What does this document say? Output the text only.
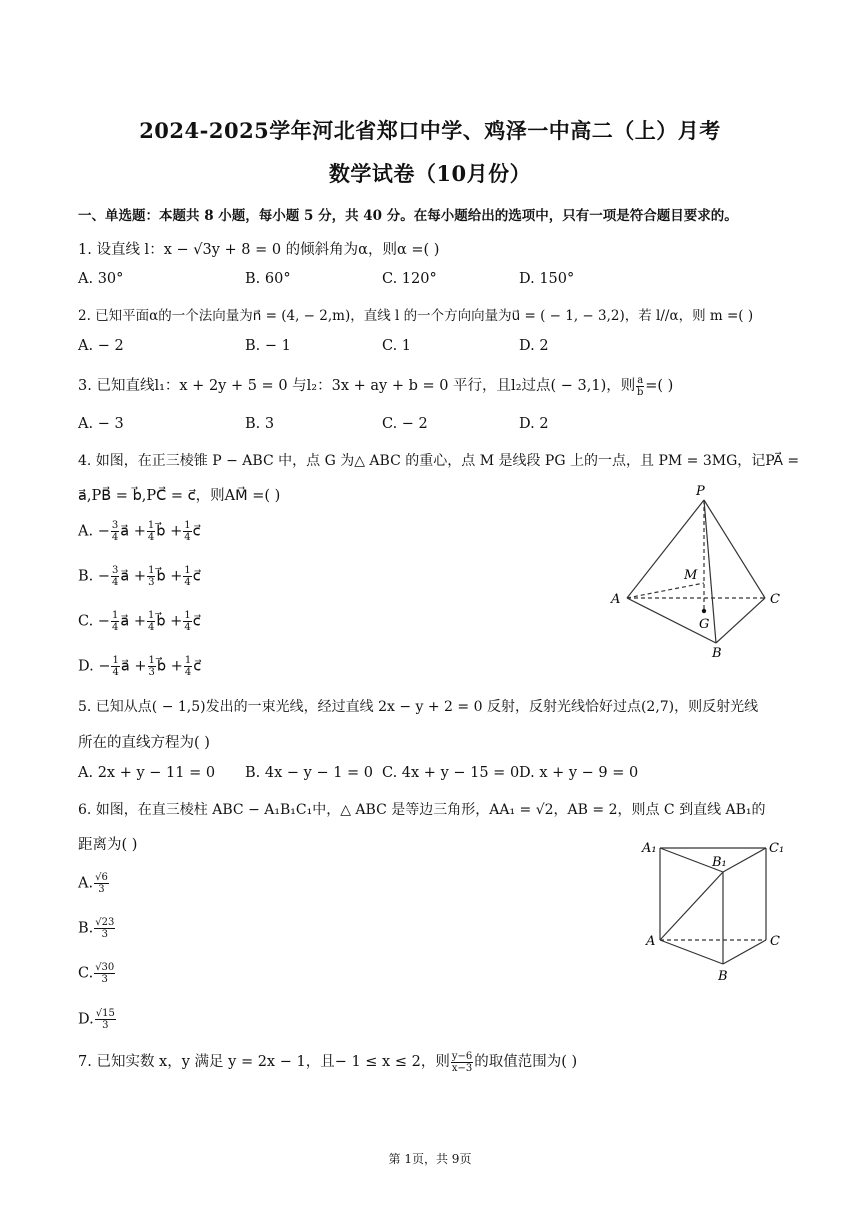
2024-2025学年河北省郑口中学、鸡泽一中高二（上）月考
数学试卷（10月份）
一、单选题：本题共 8 小题，每小题 5 分，共 40 分。在每小题给出的选项中，只有一项是符合题目要求的。
1. 设直线 l：x − √3y + 8 = 0 的倾斜角为α，则α =( )
A. 30°	B. 60°	C. 120°	D. 150°
2. 已知平面α的一个法向量为n⃗ = (4, − 2,m)，直线 l 的一个方向向量为u⃗ = ( − 1, − 3,2)，若 l//α，则 m =( )
A. − 2	B. − 1	C. 1	D. 2
3. 已知直线l₁：x + 2y + 5 = 0 与l₂：3x + ay + b = 0 平行，且l₂过点( − 3,1)，则 $\frac{a}{b}$ =( )
A. − 3	B. 3	C. − 2	D. 2
4. 如图，在正三棱锥 P − ABC 中，点 G 为△ ABC 的重心，点 M 是线段 PG 上的一点，且 PM = 3MG，记PA⃗ =
a⃗,PB⃗ = b⃗,PC⃗ = c⃗，则AM⃗ =( )
A. − $\frac{3}{4}$ a⃗ + $\frac{1}{4}$ b⃗ + $\frac{1}{4}$ c⃗
B. − $\frac{3}{4}$ a⃗ + $\frac{1}{3}$ b⃗ + $\frac{1}{4}$ c⃗
C. − $\frac{1}{4}$ a⃗ + $\frac{1}{4}$ b⃗ + $\frac{1}{4}$ c⃗
D. − $\frac{1}{4}$ a⃗ + $\frac{1}{3}$ b⃗ + $\frac{1}{4}$ c⃗
P
A
B
C
M
G
5. 已知从点( − 1,5)发出的一束光线，经过直线 2x − y + 2 = 0 反射，反射光线恰好过点(2,7)，则反射光线
所在的直线方程为( )
A. 2x + y − 11 = 0 B. 4x − y − 1 = 0 C. 4x + y − 15 = 0 D. x + y − 9 = 0
6. 如图，在直三棱柱 ABC − A₁B₁C₁中，△ ABC 是等边三角形，AA₁ = √2，AB = 2，则点 C 到直线 AB₁的
距离为( )
A. $\frac{√6}{3}$
B. $\frac{√23}{3}$
C. $\frac{√30}{3}$
D. $\frac{√15}{3}$
A₁
B₁
C₁
A	C
B
7. 已知实数 x，y 满足 y = 2x − 1，且− 1 ≤ x ≤ 2，则 $\frac{y-6}{x-3}$ 的取值范围为( )
第 1页，共 9页
